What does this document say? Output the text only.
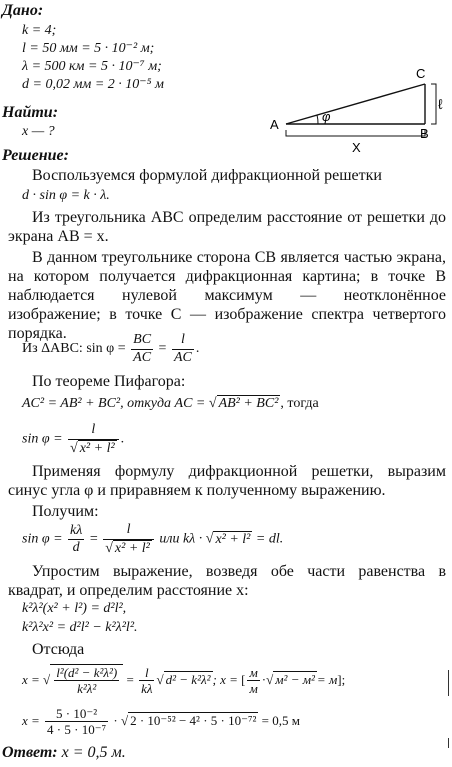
Дано:
k = 4;
l = 50 мм = 5 · 10⁻² м;
λ = 500 км = 5 · 10⁻⁷ м;
d = 0,02 мм = 2 · 10⁻⁵ м
Найти:
x — ?	A
C
B
φ
ℓ
X
Решение:
Воспользуемся формулой дифракционной решетки
d · sin φ = k · λ.
Из треугольника ABC определим расстояние от решетки до экрана AB = x.
В данном треугольнике сторона CB является частью экрана, на котором получается дифракционная картина; в точке B наблюдается нулевой максимум — неотклонённое изображение; в точке C — изображение спектра четвертого порядка.
Из ΔABC: $\sin \varphi = \frac{BC}{AC} = \frac{l}{AC}$ .
По теореме Пифагора:
AC² = AB² + BC², откуда AC = √ AB² + BC² , тогда
$\sin \varphi = \frac{l}{\text{√ x² + l²}}$ .
Применяя формулу дифракционной решетки, выразим синус угла φ и приравняем к полученному выражению.
Получим:
$\sin \varphi = \frac{k\lambda}{d} = \frac{l}{\text{√ x² + l²}}$ или kλ · √ x² + l² = dl.
Упростим выражение, возведя обе части равенства в квадрат, и определим расстояние x:
k²λ²(x² + l²) = d²l²,
k²λ²x² = d²l² − k²λ²l².
Отсюда
x = √ $\frac{\text{l²(d² − k²λ²)}}{\text{k²λ²}} = \frac{l}{k\lambda}$ √ d² − k²λ² ; x = [ $\frac{м}{м}$ ·√ м² − м² = м];
$x = \frac{\text{5 · 10⁻²}}{\text{4 · 5 · 10⁻⁷}}$ · √ 2 · 10⁻⁵² − 4² · 5 · 10⁻⁷² = 0,5 м
Ответ: x = 0,5 м.
